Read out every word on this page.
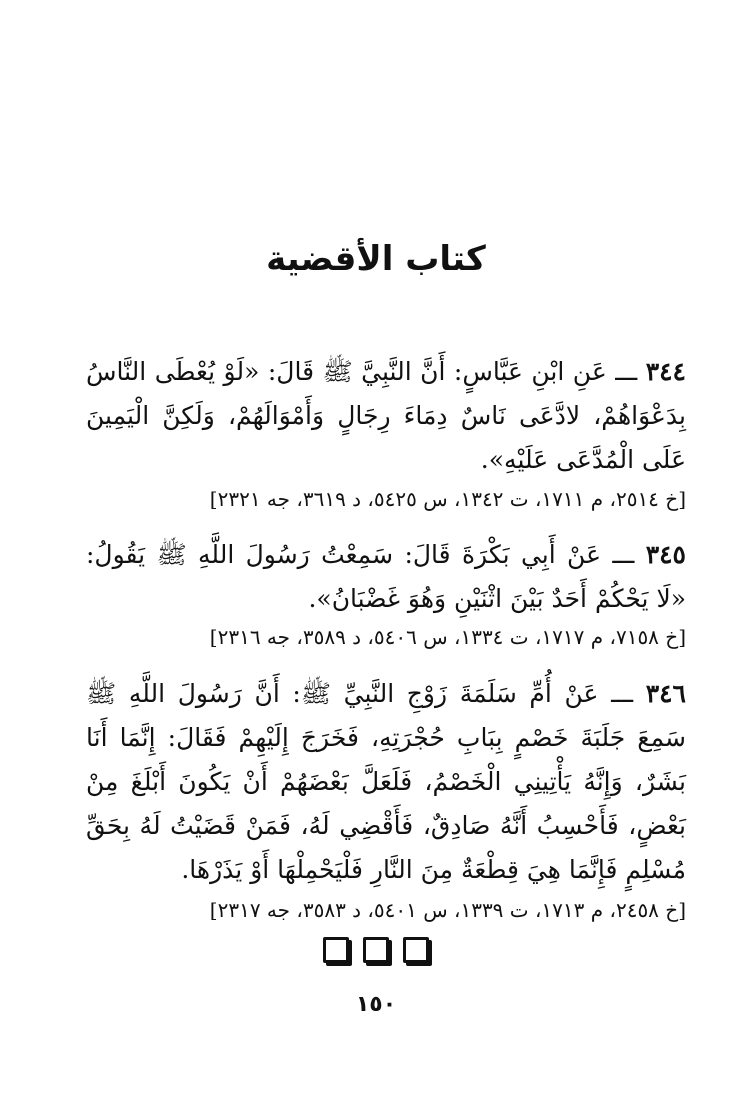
كتاب الأقضية
٣٤٤ ـــ عَنِ ابْنِ عَبَّاسٍ: أَنَّ النَّبِيَّ ﷺ قَالَ: «لَوْ يُعْطَى النَّاسُ بِدَعْوَاهُمْ، لادَّعَى نَاسٌ دِمَاءَ رِجَالٍ وَأَمْوَالَهُمْ، وَلَكِنَّ الْيَمِينَ عَلَى الْمُدَّعَى عَلَيْهِ».
[خ ٢٥١٤، م ١٧١١، ت ١٣٤٢، س ٥٤٢٥، د ٣٦١٩، جه ٢٣٢١]
٣٤٥ ـــ عَنْ أَبِي بَكْرَةَ قَالَ: سَمِعْتُ رَسُولَ اللَّهِ ﷺ يَقُولُ: «لَا يَحْكُمْ أَحَدٌ بَيْنَ اثْنَيْنِ وَهُوَ غَضْبَانُ».
[خ ٧١٥٨، م ١٧١٧، ت ١٣٣٤، س ٥٤٠٦، د ٣٥٨٩، جه ٢٣١٦]
٣٤٦ ـــ عَنْ أُمِّ سَلَمَةَ زَوْجِ النَّبِيِّ ﷺ: أَنَّ رَسُولَ اللَّهِ ﷺ سَمِعَ جَلَبَةَ خَصْمٍ بِبَابِ حُجْرَتِهِ، فَخَرَجَ إِلَيْهِمْ فَقَالَ: إِنَّمَا أَنَا بَشَرٌ، وَإِنَّهُ يَأْتِينِي الْخَصْمُ، فَلَعَلَّ بَعْضَهُمْ أَنْ يَكُونَ أَبْلَغَ مِنْ بَعْضٍ، فَأَحْسِبُ أَنَّهُ صَادِقٌ، فَأَقْضِي لَهُ، فَمَنْ قَضَيْتُ لَهُ بِحَقِّ مُسْلِمٍ فَإِنَّمَا هِيَ قِطْعَةٌ مِنَ النَّارِ فَلْيَحْمِلْهَا أَوْ يَذَرْهَا.
[خ ٢٤٥٨، م ١٧١٣، ت ١٣٣٩، س ٥٤٠١، د ٣٥٨٣، جه ٢٣١٧]
١٥٠
